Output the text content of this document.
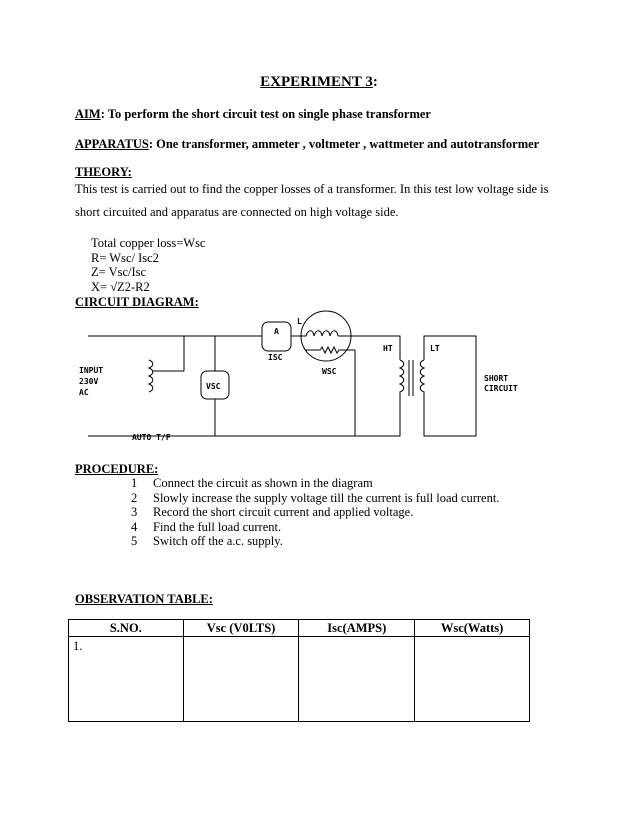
EXPERIMENT 3:
AIM: To perform the short circuit test on single phase transformer
APPARATUS: One transformer, ammeter , voltmeter , wattmeter and autotransformer
THEORY:
This test is carried out to find the copper losses of a transformer. In this test low voltage side is
short circuited and apparatus are connected on high voltage side.
Total copper loss=Wsc
R= Wsc/ Isc2
Z= Vsc/Isc
X= √Z2-R2
CIRCUIT DIAGRAM:
A
ISC
VSC
L
WSC
HT	LT
INPUT
230V
AC
AUTO T/F
SHORT
CIRCUIT
PROCEDURE:
1 Connect the circuit as shown in the diagram
2 Slowly increase the supply voltage till the current is full load current.
3 Record the short circuit current and applied voltage.
4 Find the full load current.
5 Switch off the a.c. supply.
OBSERVATION TABLE:
S.NO.	Vsc (V0LTS)	Isc(AMPS)	Wsc(Watts)
1.			
